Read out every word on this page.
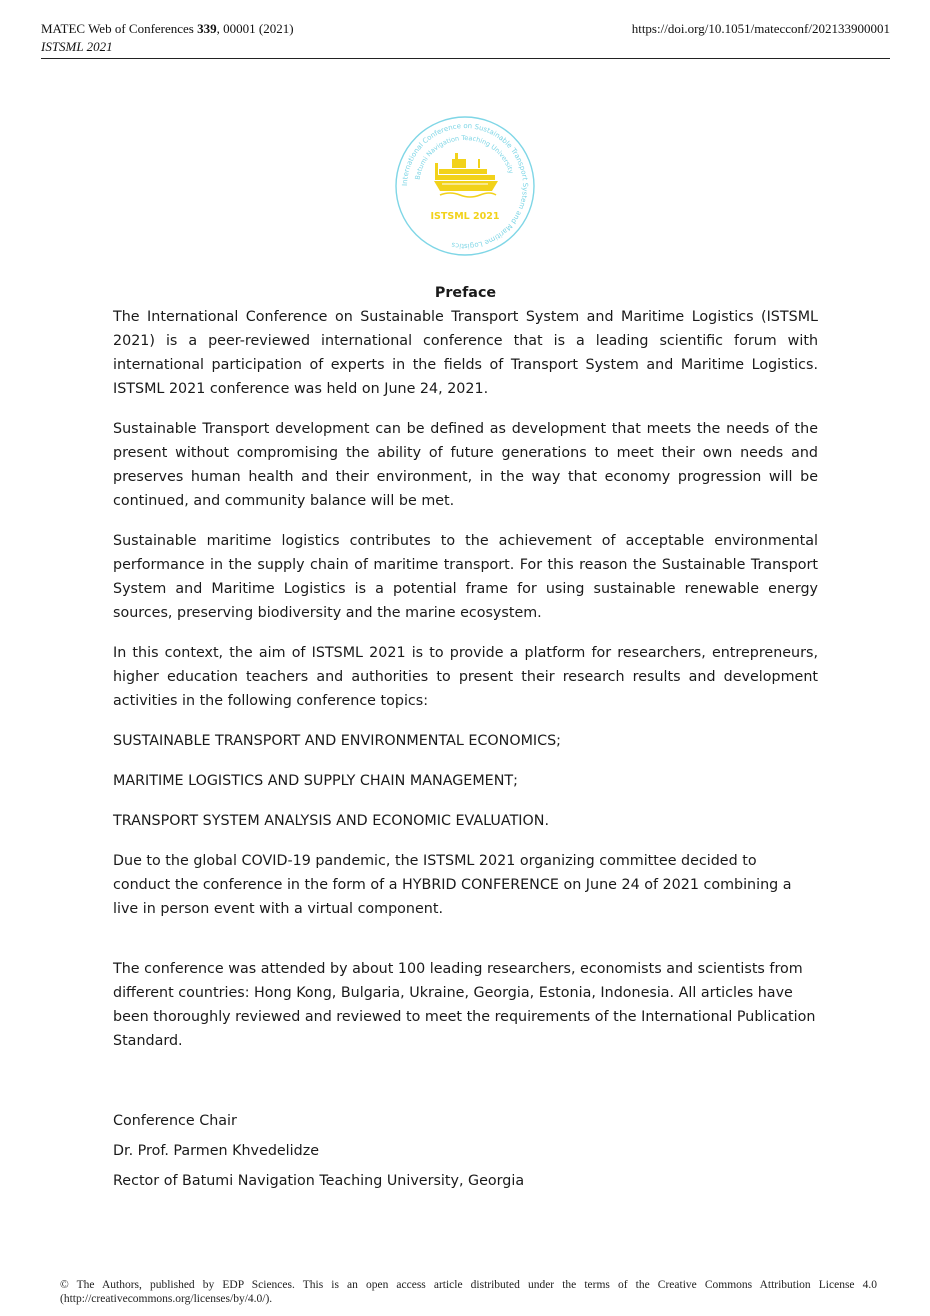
MATEC Web of Conferences 339, 00001 (2021)
ISTSML 2021
https://doi.org/10.1051/matecconf/202133900001
International Conference on Sustainable Transport System and Maritime Logistics
Batumi Navigation Teaching University
ISTSML 2021
Preface

The International Conference on Sustainable Transport System and Maritime Logistics (ISTSML 2021) is a peer-reviewed international conference that is a leading scientific forum with international participation of experts in the fields of Transport System and Maritime Logistics. ISTSML 2021 conference was held on June 24, 2021.

Sustainable Transport development can be defined as development that meets the needs of the present without compromising the ability of future generations to meet their own needs and preserves human health and their environment, in the way that economy progression will be continued, and community balance will be met.

Sustainable maritime logistics contributes to the achievement of acceptable environmental performance in the supply chain of maritime transport. For this reason the Sustainable Transport System and Maritime Logistics is a potential frame for using sustainable renewable energy sources, preserving biodiversity and the marine ecosystem.

In this context, the aim of ISTSML 2021 is to provide a platform for researchers, entrepreneurs, higher education teachers and authorities to present their research results and development activities in the following conference topics:

SUSTAINABLE TRANSPORT AND ENVIRONMENTAL ECONOMICS;
MARITIME LOGISTICS AND SUPPLY CHAIN MANAGEMENT;
TRANSPORT SYSTEM ANALYSIS AND ECONOMIC EVALUATION.

Due to the global COVID-19 pandemic, the ISTSML 2021 organizing committee decided to conduct the conference in the form of a HYBRID CONFERENCE on June 24 of 2021 combining a live in person event with a virtual component.

The conference was attended by about 100 leading researchers, economists and scientists from different countries: Hong Kong, Bulgaria, Ukraine, Georgia, Estonia, Indonesia. All articles have been thoroughly reviewed and reviewed to meet the requirements of the International Publication Standard.

Conference Chair
Dr. Prof. Parmen Khvedelidze
Rector of Batumi Navigation Teaching University, Georgia
© The Authors, published by EDP Sciences. This is an open access article distributed under the terms of the Creative Commons Attribution License 4.0 (http://creativecommons.org/licenses/by/4.0/).
